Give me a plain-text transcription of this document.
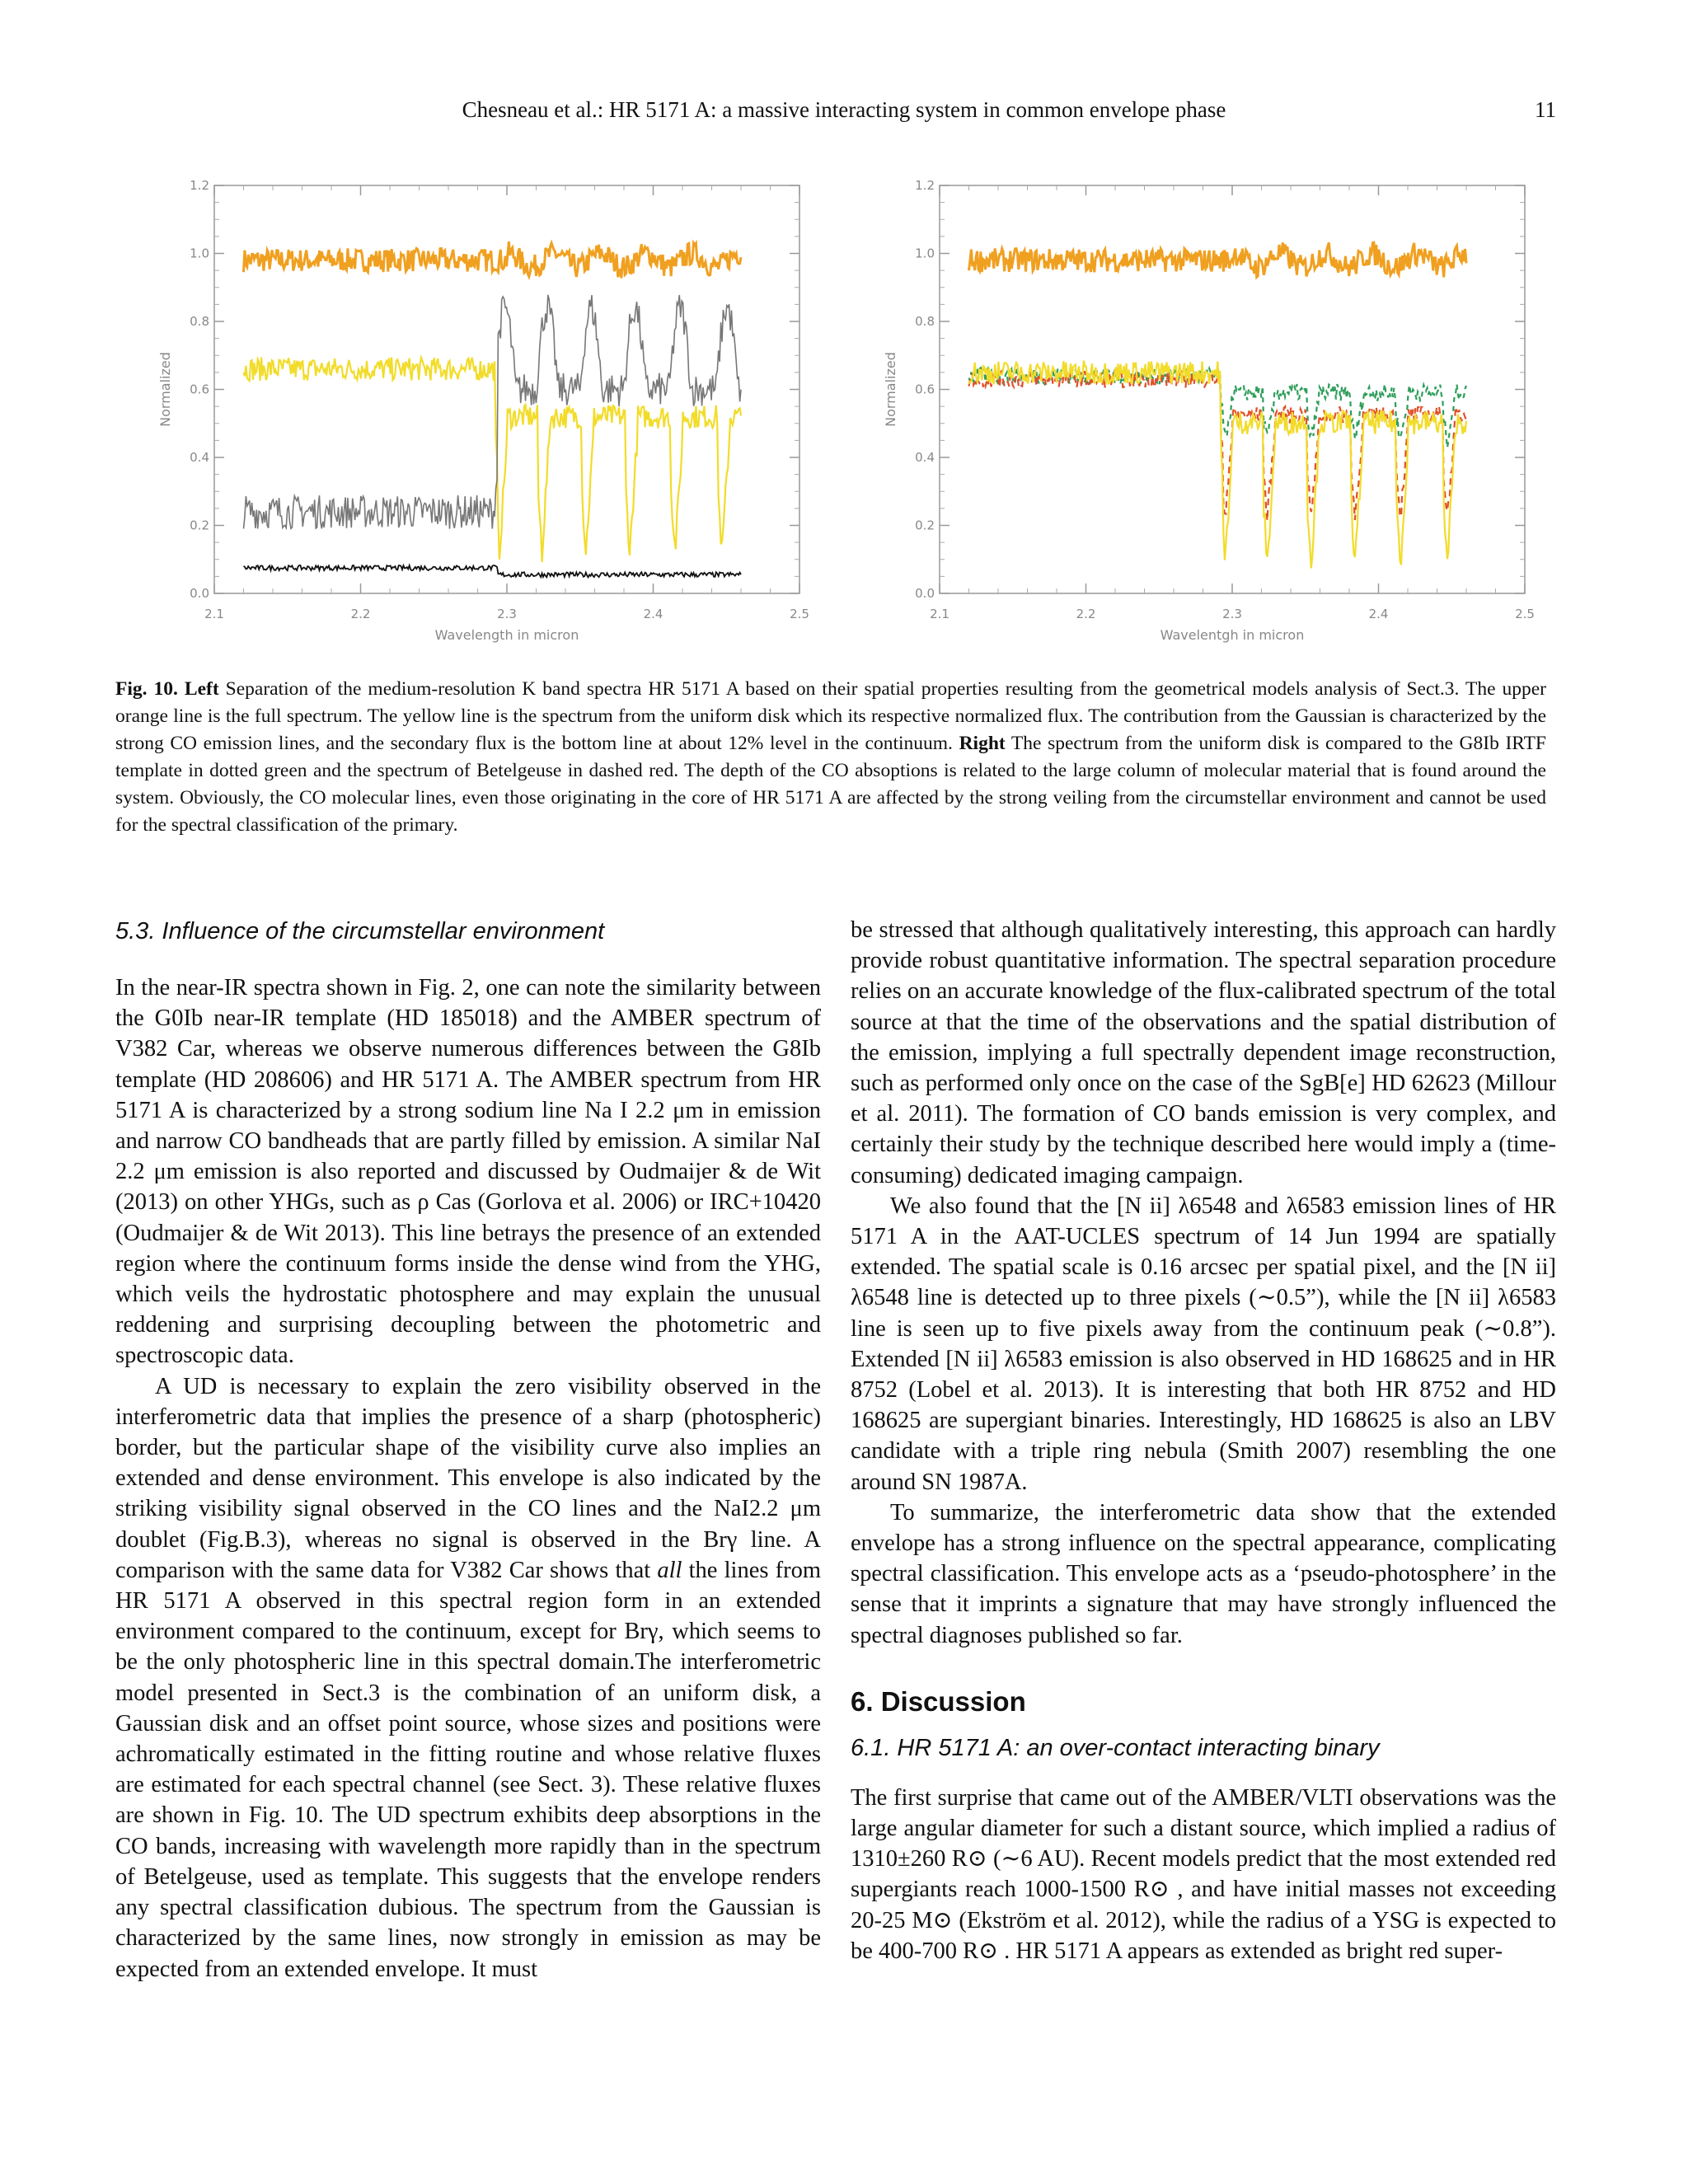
Chesneau et al.: HR 5171 A: a massive interacting system in common envelope phase	11
2.1	2.2	2.3	2.4	2.5
0.0
0.2
0.4
0.6
0.8
1.0
1.2
Wavelength in micron
Normalized
2.1	2.2	2.3	2.4	2.5
0.0
0.2
0.4
0.6
0.8
1.0
1.2
Wavelentgh in micron
Normalized
Fig. 10. Left Separation of the medium-resolution K band spectra HR 5171 A based on their spatial properties resulting from the geometrical models analysis of Sect.3. The upper orange line is the full spectrum. The yellow line is the spectrum from the uniform disk which its respective normalized flux. The contribution from the Gaussian is characterized by the strong CO emission lines, and the secondary flux is the bottom line at about 12% level in the continuum. Right The spectrum from the uniform disk is compared to the G8Ib IRTF template in dotted green and the spectrum of Betelgeuse in dashed red. The depth of the CO absoptions is related to the large column of molecular material that is found around the system. Obviously, the CO molecular lines, even those originating in the core of HR 5171 A are affected by the strong veiling from the circumstellar environment and cannot be used for the spectral classification of the primary.
5.3. Influence of the circumstellar environment

In the near-IR spectra shown in Fig. 2, one can note the similarity between the G0Ib near-IR template (HD 185018) and the AMBER spectrum of V382 Car, whereas we observe numerous differences between the G8Ib template (HD 208606) and HR 5171 A. The AMBER spectrum from HR 5171 A is characterized by a strong sodium line Na I 2.2 μm in emission and narrow CO bandheads that are partly filled by emission. A similar NaI 2.2 μm emission is also reported and discussed by Oudmaijer & de Wit (2013) on other YHGs, such as ρ Cas (Gorlova et al. 2006) or IRC+10420 (Oudmaijer & de Wit 2013). This line betrays the presence of an extended region where the continuum forms inside the dense wind from the YHG, which veils the hydrostatic photosphere and may explain the unusual reddening and surprising decoupling between the photometric and spectroscopic data.

A UD is necessary to explain the zero visibility observed in the interferometric data that implies the presence of a sharp (photospheric) border, but the particular shape of the visibility curve also implies an extended and dense environment. This envelope is also indicated by the striking visibility signal observed in the CO lines and the NaI2.2 μm doublet (Fig.B.3), whereas no signal is observed in the Brγ line. A comparison with the same data for V382 Car shows that all the lines from HR 5171 A observed in this spectral region form in an extended environment compared to the continuum, except for Brγ, which seems to be the only photospheric line in this spectral domain.The interferometric model presented in Sect.3 is the combination of an uniform disk, a Gaussian disk and an offset point source, whose sizes and positions were achromatically estimated in the fitting routine and whose relative fluxes are estimated for each spectral channel (see Sect. 3). These relative fluxes are shown in Fig. 10. The UD spectrum exhibits deep absorptions in the CO bands, increasing with wavelength more rapidly than in the spectrum of Betelgeuse, used as template. This suggests that the envelope renders any spectral classification dubious. The spectrum from the Gaussian is characterized by the same lines, now strongly in emission as may be expected from an extended envelope. It must

be stressed that although qualitatively interesting, this approach can hardly provide robust quantitative information. The spectral separation procedure relies on an accurate knowledge of the flux-calibrated spectrum of the total source at that the time of the observations and the spatial distribution of the emission, implying a full spectrally dependent image reconstruction, such as performed only once on the case of the SgB[e] HD 62623 (Millour et al. 2011). The formation of CO bands emission is very complex, and certainly their study by the technique described here would imply a (time-consuming) dedicated imaging campaign.

We also found that the [N ii] λ6548 and λ6583 emission lines of HR 5171 A in the AAT-UCLES spectrum of 14 Jun 1994 are spatially extended. The spatial scale is 0.16 arcsec per spatial pixel, and the [N ii] λ6548 line is detected up to three pixels (∼0.5”), while the [N ii] λ6583 line is seen up to five pixels away from the continuum peak (∼0.8”). Extended [N ii] λ6583 emission is also observed in HD 168625 and in HR 8752 (Lobel et al. 2013). It is interesting that both HR 8752 and HD 168625 are supergiant binaries. Interestingly, HD 168625 is also an LBV candidate with a triple ring nebula (Smith 2007) resembling the one around SN 1987A.

To summarize, the interferometric data show that the extended envelope has a strong influence on the spectral appearance, complicating spectral classification. This envelope acts as a ‘pseudo-photosphere’ in the sense that it imprints a signature that may have strongly influenced the spectral diagnoses published so far.

6. Discussion
6.1. HR 5171 A: an over-contact interacting binary

The first surprise that came out of the AMBER/VLTI observations was the large angular diameter for such a distant source, which implied a radius of 1310±260 R⊙ (∼6 AU). Recent models predict that the most extended red supergiants reach 1000-1500 R⊙ , and have initial masses not exceeding 20-25 M⊙ (Ekström et al. 2012), while the radius of a YSG is expected to be 400-700 R⊙ . HR 5171 A appears as extended as bright red super-
